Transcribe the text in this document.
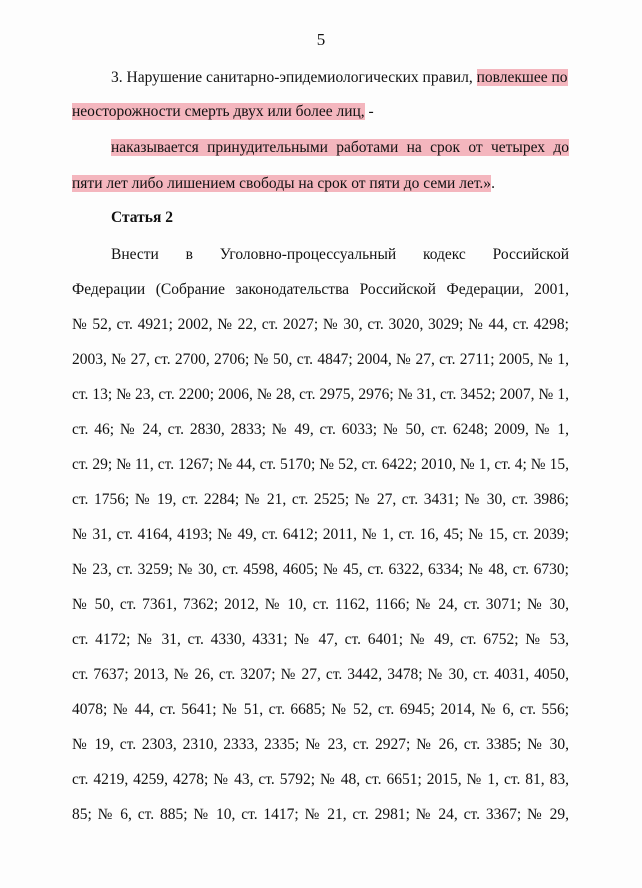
5
3. Нарушение санитарно-эпидемиологических правил, повлекшее по
неосторожности смерть двух или более лиц, -
наказывается принудительными работами на срок от четырех до
пяти лет либо лишением свободы на срок от пяти до семи лет.».
Статья 2
Внести в Уголовно-процессуальный кодекс Российской
Федерации (Собрание законодательства Российской Федерации, 2001,
№ 52, ст. 4921; 2002, № 22, ст. 2027; № 30, ст. 3020, 3029; № 44, ст. 4298;
2003, № 27, ст. 2700, 2706; № 50, ст. 4847; 2004, № 27, ст. 2711; 2005, № 1,
ст. 13; № 23, ст. 2200; 2006, № 28, ст. 2975, 2976; № 31, ст. 3452; 2007, № 1,
ст. 46; № 24, ст. 2830, 2833; № 49, ст. 6033; № 50, ст. 6248; 2009, № 1,
ст. 29; № 11, ст. 1267; № 44, ст. 5170; № 52, ст. 6422; 2010, № 1, ст. 4; № 15,
ст. 1756; № 19, ст. 2284; № 21, ст. 2525; № 27, ст. 3431; № 30, ст. 3986;
№ 31, ст. 4164, 4193; № 49, ст. 6412; 2011, № 1, ст. 16, 45; № 15, ст. 2039;
№ 23, ст. 3259; № 30, ст. 4598, 4605; № 45, ст. 6322, 6334; № 48, ст. 6730;
№ 50, ст. 7361, 7362; 2012, № 10, ст. 1162, 1166; № 24, ст. 3071; № 30,
ст. 4172; № 31, ст. 4330, 4331; № 47, ст. 6401; № 49, ст. 6752; № 53,
ст. 7637; 2013, № 26, ст. 3207; № 27, ст. 3442, 3478; № 30, ст. 4031, 4050,
4078; № 44, ст. 5641; № 51, ст. 6685; № 52, ст. 6945; 2014, № 6, ст. 556;
№ 19, ст. 2303, 2310, 2333, 2335; № 23, ст. 2927; № 26, ст. 3385; № 30,
ст. 4219, 4259, 4278; № 43, ст. 5792; № 48, ст. 6651; 2015, № 1, ст. 81, 83,
85; № 6, ст. 885; № 10, ст. 1417; № 21, ст. 2981; № 24, ст. 3367; № 29,
